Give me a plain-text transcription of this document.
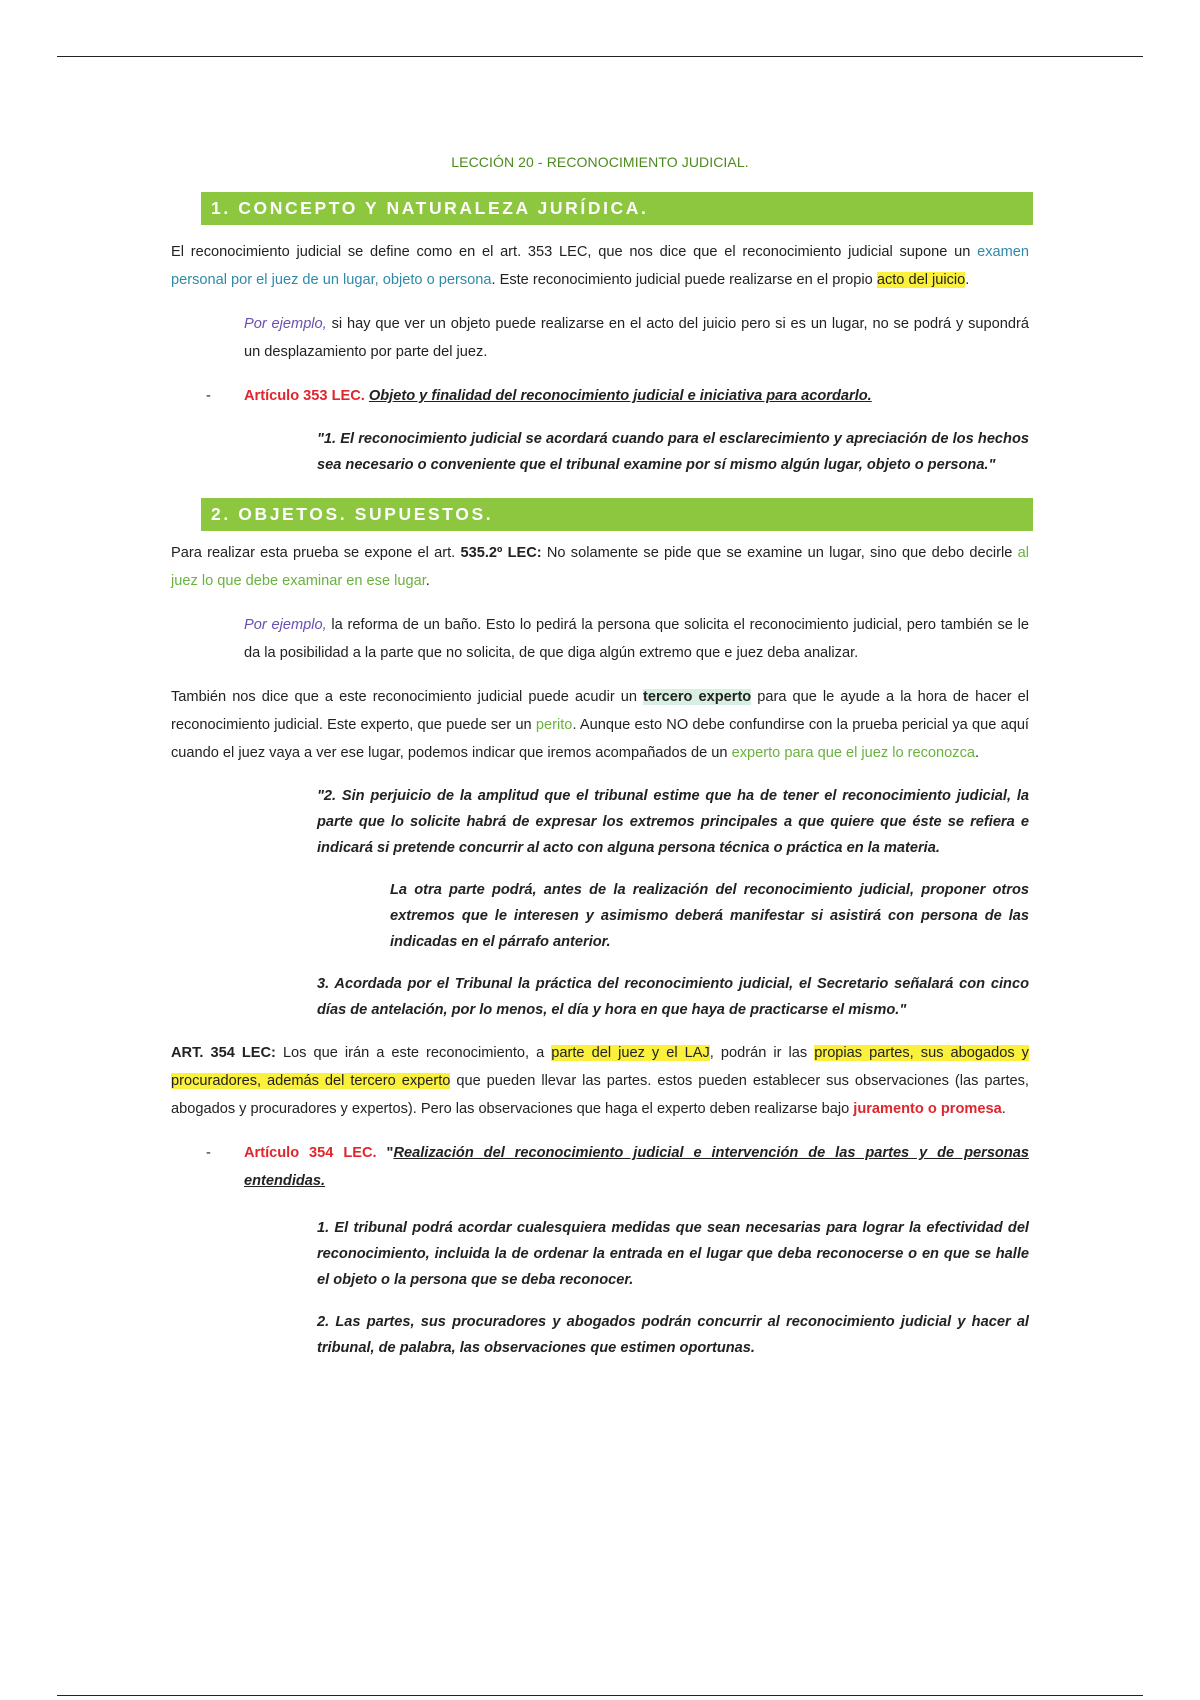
LECCIÓN 20 - RECONOCIMIENTO JUDICIAL.
1. CONCEPTO Y NATURALEZA JURÍDICA.

El reconocimiento judicial se define como en el art. 353 LEC, que nos dice que el reconocimiento judicial supone un examen personal por el juez de un lugar, objeto o persona. Este reconocimiento judicial puede realizarse en el propio acto del juicio.

Por ejemplo, si hay que ver un objeto puede realizarse en el acto del juicio pero si es un lugar, no se podrá y supondrá un desplazamiento por parte del juez.

- Artículo 353 LEC. Objeto y finalidad del reconocimiento judicial e iniciativa para acordarlo.

"1. El reconocimiento judicial se acordará cuando para el esclarecimiento y apreciación de los hechos sea necesario o conveniente que el tribunal examine por sí mismo algún lugar, objeto o persona."

2. OBJETOS. SUPUESTOS.

Para realizar esta prueba se expone el art. 535.2º LEC: No solamente se pide que se examine un lugar, sino que debo decirle al juez lo que debe examinar en ese lugar.

Por ejemplo, la reforma de un baño. Esto lo pedirá la persona que solicita el reconocimiento judicial, pero también se le da la posibilidad a la parte que no solicita, de que diga algún extremo que e juez deba analizar.

También nos dice que a este reconocimiento judicial puede acudir un tercero experto para que le ayude a la hora de hacer el reconocimiento judicial. Este experto, que puede ser un perito. Aunque esto NO debe confundirse con la prueba pericial ya que aquí cuando el juez vaya a ver ese lugar, podemos indicar que iremos acompañados de un experto para que el juez lo reconozca.

"2. Sin perjuicio de la amplitud que el tribunal estime que ha de tener el reconocimiento judicial, la parte que lo solicite habrá de expresar los extremos principales a que quiere que éste se refiera e indicará si pretende concurrir al acto con alguna persona técnica o práctica en la materia.

La otra parte podrá, antes de la realización del reconocimiento judicial, proponer otros extremos que le interesen y asimismo deberá manifestar si asistirá con persona de las indicadas en el párrafo anterior.

3. Acordada por el Tribunal la práctica del reconocimiento judicial, el Secretario señalará con cinco días de antelación, por lo menos, el día y hora en que haya de practicarse el mismo."

ART. 354 LEC: Los que irán a este reconocimiento, a parte del juez y el LAJ, podrán ir las propias partes, sus abogados y procuradores, además del tercero experto que pueden llevar las partes. estos pueden establecer sus observaciones (las partes, abogados y procuradores y expertos). Pero las observaciones que haga el experto deben realizarse bajo juramento o promesa.

- Artículo 354 LEC. "Realización del reconocimiento judicial e intervención de las partes y de personas entendidas.

1. El tribunal podrá acordar cualesquiera medidas que sean necesarias para lograr la efectividad del reconocimiento, incluida la de ordenar la entrada en el lugar que deba reconocerse o en que se halle el objeto o la persona que se deba reconocer.

2. Las partes, sus procuradores y abogados podrán concurrir al reconocimiento judicial y hacer al tribunal, de palabra, las observaciones que estimen oportunas.
